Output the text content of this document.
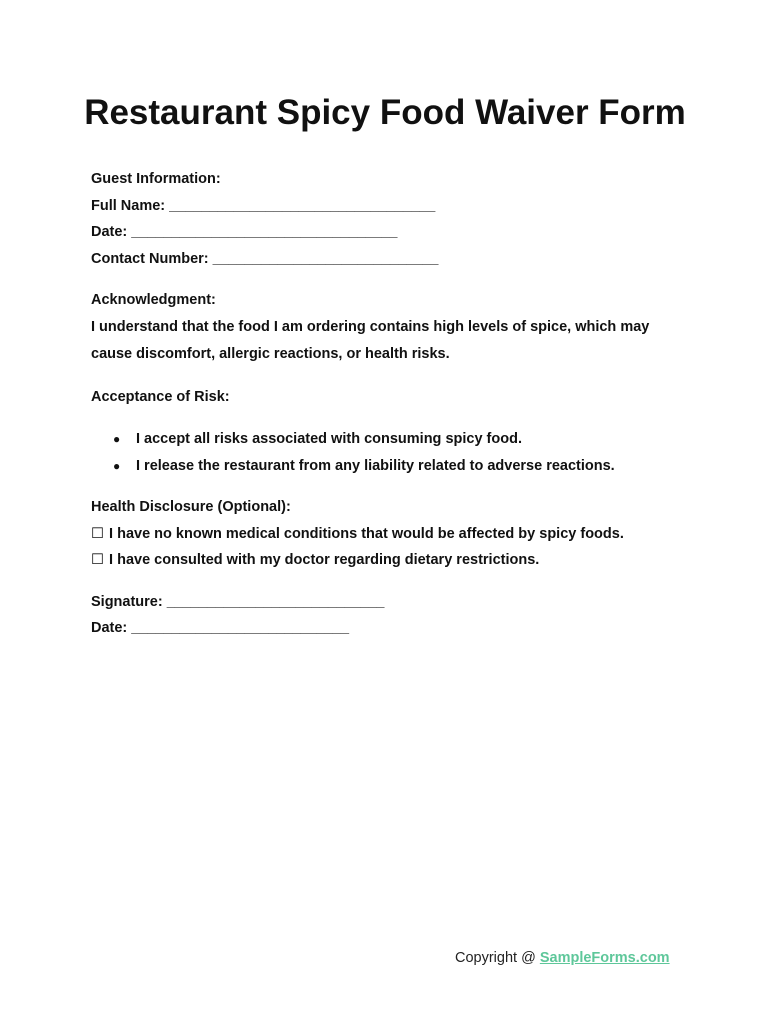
Restaurant Spicy Food Waiver Form
Guest Information:
Full Name: _________________________________
Date: _________________________________
Contact Number: ____________________________
Acknowledgment:
I understand that the food I am ordering contains high levels of spice, which may cause discomfort, allergic reactions, or health risks.
Acceptance of Risk:
● I accept all risks associated with consuming spicy food.
● I release the restaurant from any liability related to adverse reactions.
Health Disclosure (Optional):
☐ I have no known medical conditions that would be affected by spicy foods.
☐ I have consulted with my doctor regarding dietary restrictions.
Signature: ___________________________
Date: ___________________________
Copyright @ SampleForms.com
